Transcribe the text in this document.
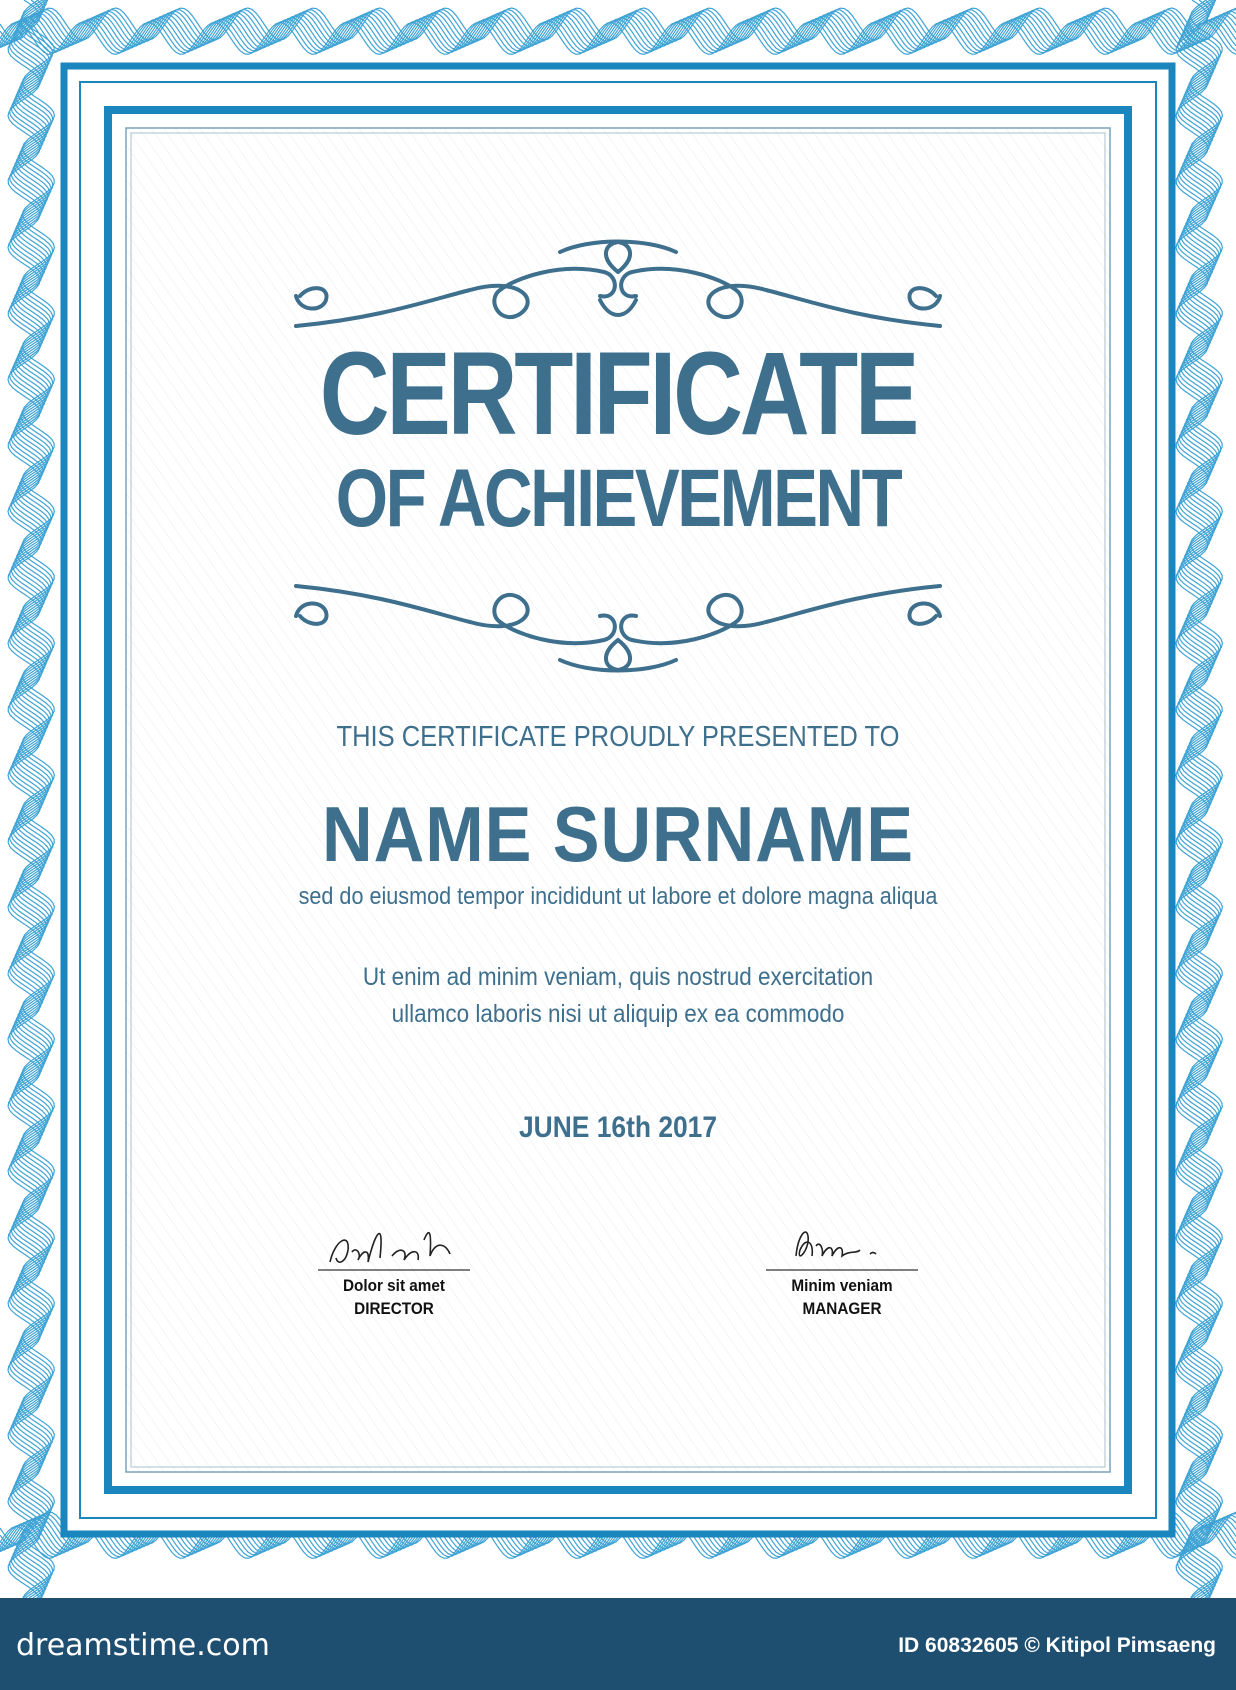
CERTIFICATE
OF ACHIEVEMENT
THIS CERTIFICATE PROUDLY PRESENTED TO
NAME SURNAME
sed do eiusmod tempor incididunt ut labore et dolore magna aliqua
Ut enim ad minim veniam, quis nostrud exercitation
ullamco laboris nisi ut aliquip ex ea commodo
JUNE 16th 2017
Dolor sit amet
DIRECTOR
Minim veniam
MANAGER
dreamstime.com	ID 60832605 © Kitipol Pimsaeng
